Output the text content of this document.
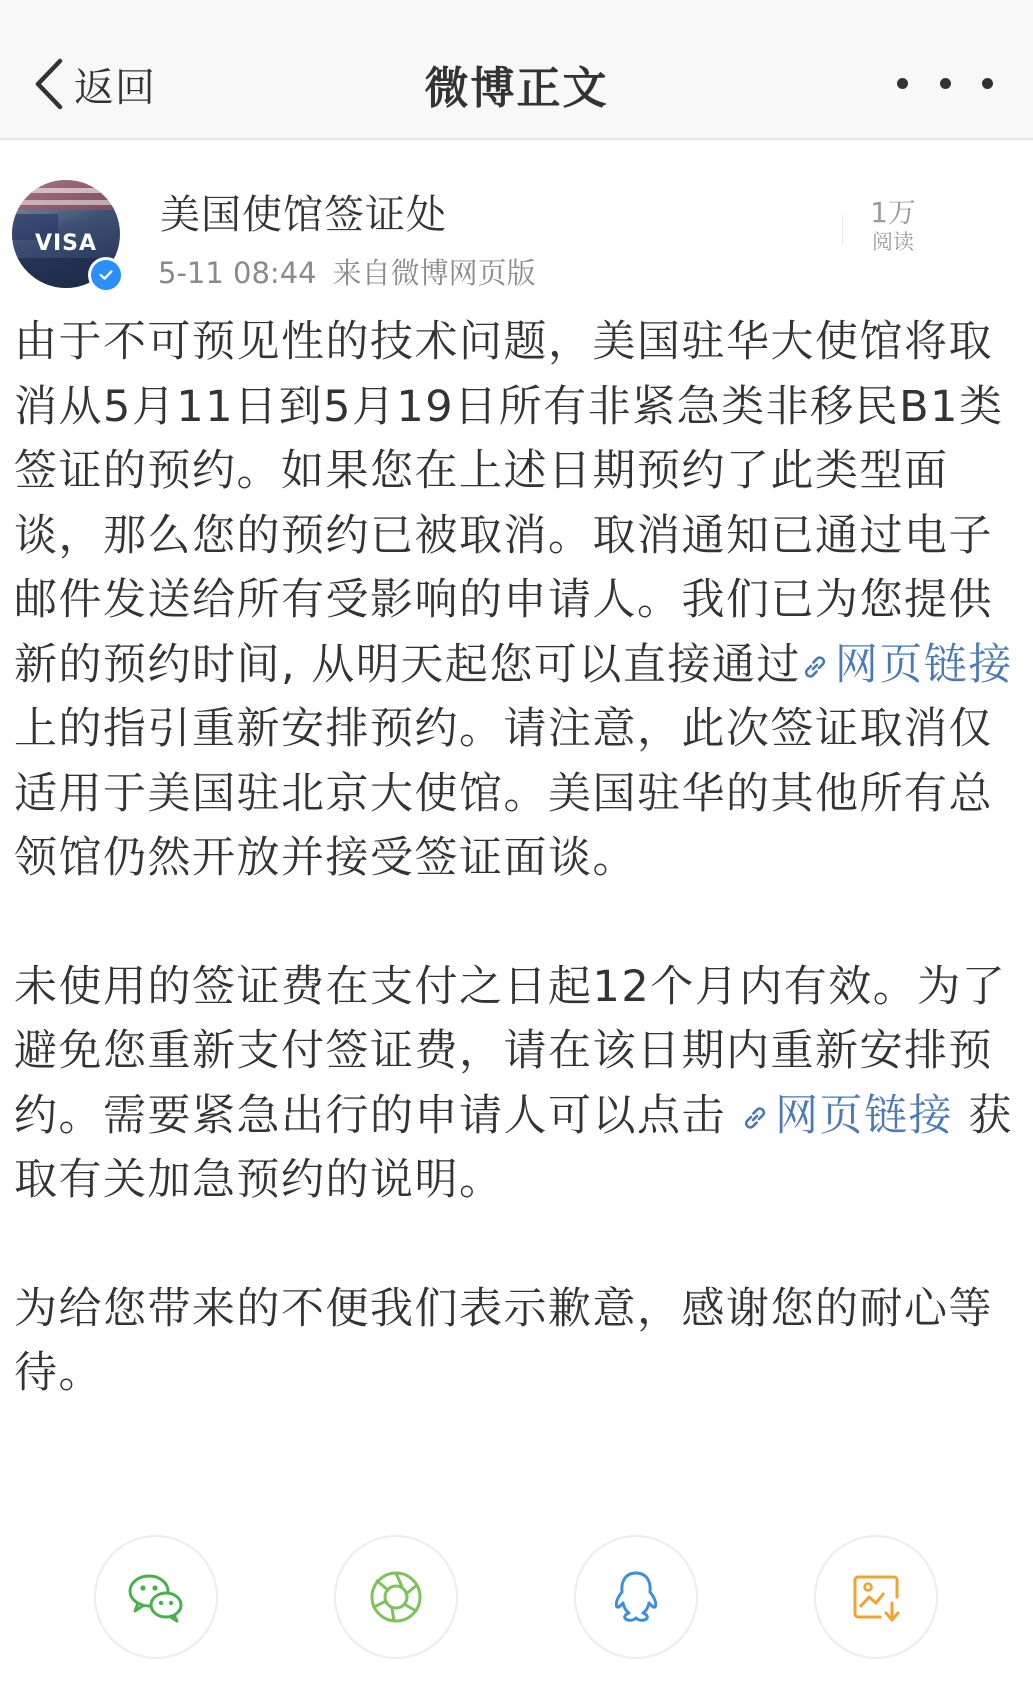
返回	微博正文
VISA
美国使馆签证处
5-11 08:44 来自微博网页版
1万
阅读

由于不可预见性的技术问题，美国驻华大使馆将取消从5月11日到5月19日所有非紧急类非移民B1类签证的预约。如果您在上述日期预约了此类型面谈，那么您的预约已被取消。取消通知已通过电子邮件发送给所有受影响的申请人。我们已为您提供新的预约时间, 从明天起您可以直接通过 网页链接 上的指引重新安排预约。请注意，此次签证取消仅适用于美国驻北京大使馆。美国驻华的其他所有总领馆仍然开放并接受签证面谈。

未使用的签证费在支付之日起12个月内有效。为了避免您重新支付签证费，请在该日期内重新安排预约。需要紧急出行的申请人可以点击 网页链接 获取有关加急预约的说明。

为给您带来的不便我们表示歉意，感谢您的耐心等待。
